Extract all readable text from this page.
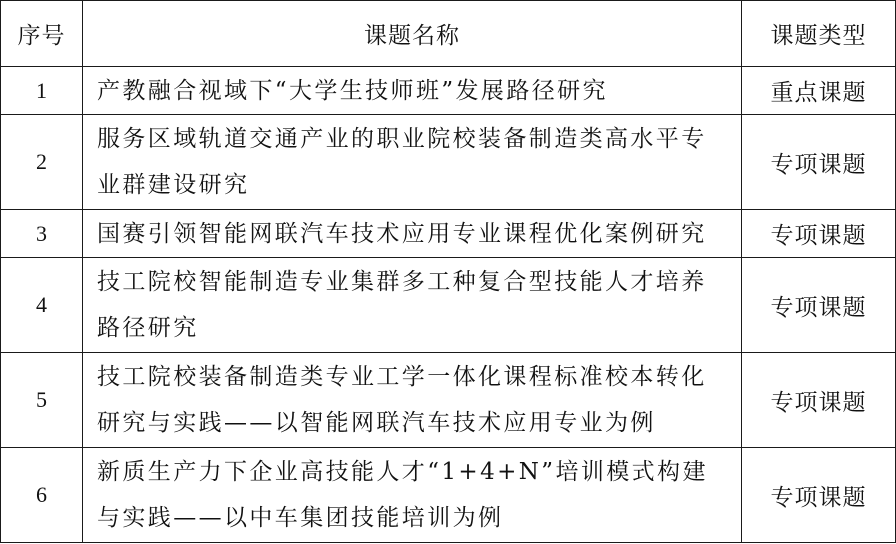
序号	课题名称	课题类型
1	产教融合视域下“大学生技师班”发展路径研究	重点课题
2	服务区域轨道交通产业的职业院校装备制造类高水平专业群建设研究	专项课题
3	国赛引领智能网联汽车技术应用专业课程优化案例研究	专项课题
4	技工院校智能制造专业集群多工种复合型技能人才培养路径研究	专项课题
5	技工院校装备制造类专业工学一体化课程标准校本转化研究与实践——以智能网联汽车技术应用专业为例	专项课题
6	新质生产力下企业高技能人才“1+4+N”培训模式构建与实践——以中车集团技能培训为例	专项课题
